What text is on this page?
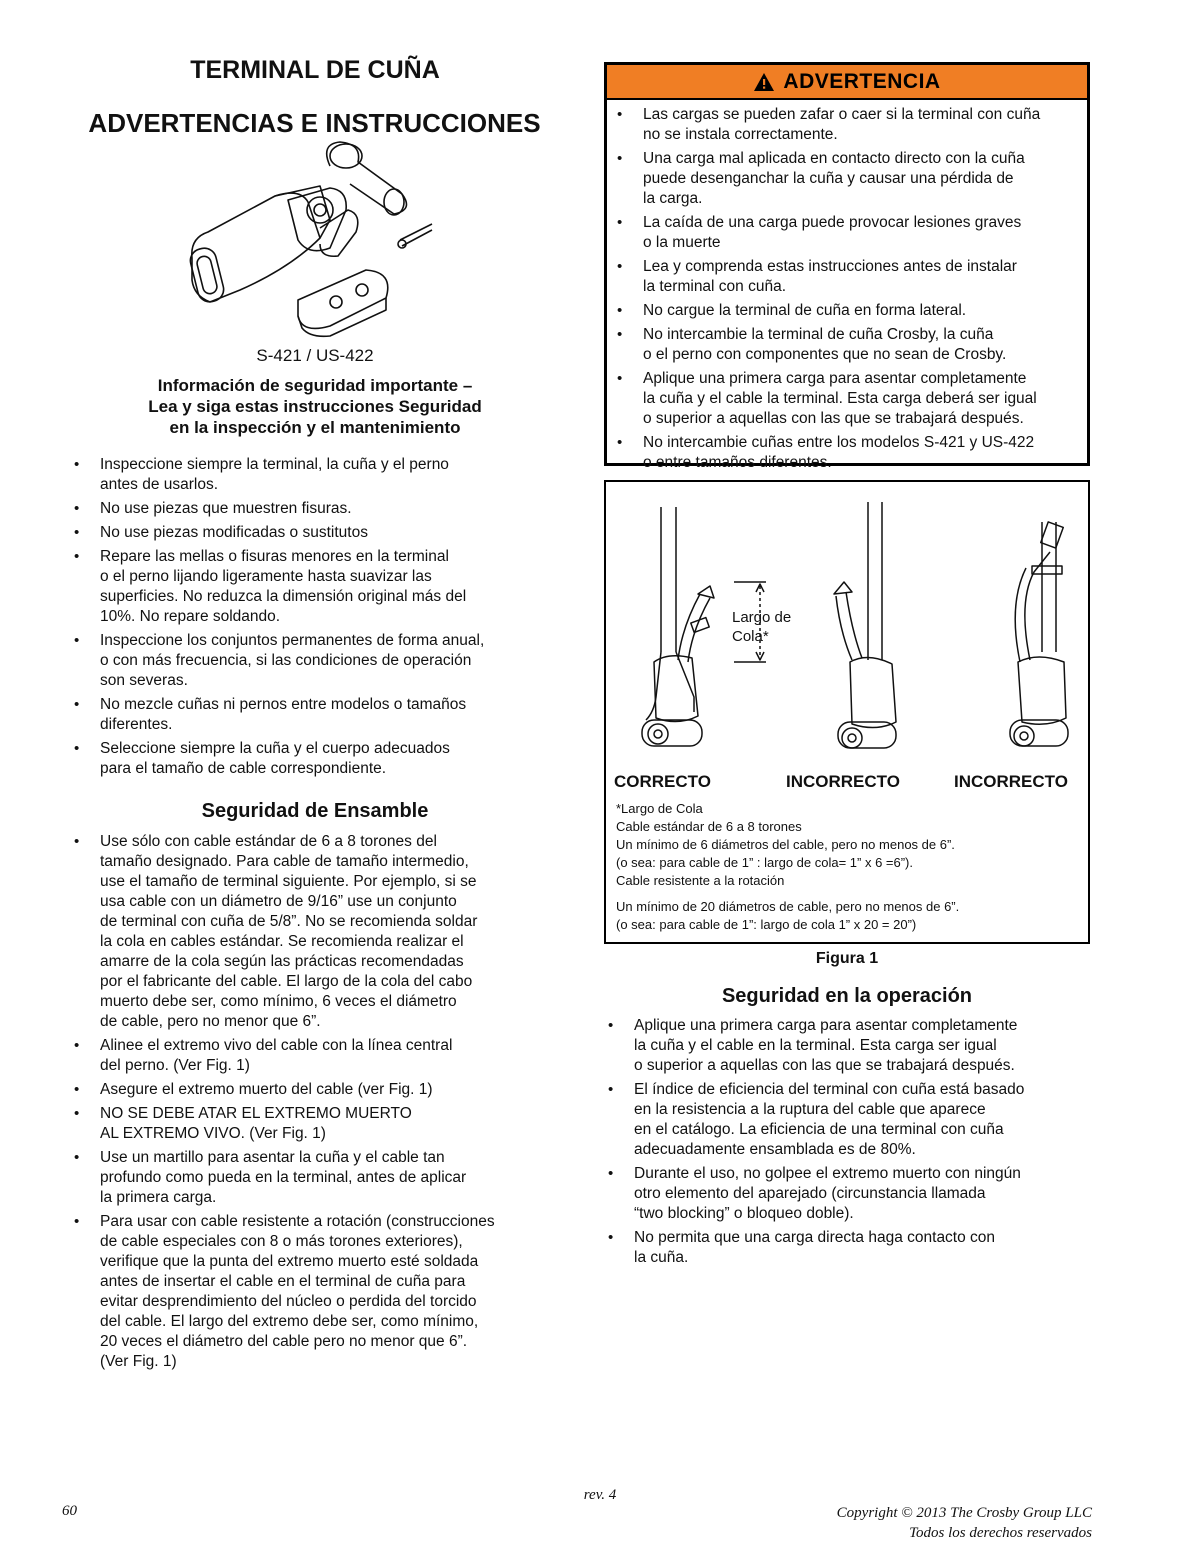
TERMINAL DE CUÑA
ADVERTENCIAS E INSTRUCCIONES
S-421 / US-422
Información de seguridad importante –
Lea y siga estas instrucciones Seguridad
en la inspección y el mantenimiento
• Inspeccione siempre la terminal, la cuña y el perno
antes de usarlos.
• No use piezas que muestren fisuras.
• No use piezas modificadas o sustitutos
• Repare las mellas o fisuras menores en la terminal
o el perno lijando ligeramente hasta suavizar las
superficies. No reduzca la dimensión original más del
10%. No repare soldando.
• Inspeccione los conjuntos permanentes de forma anual,
o con más frecuencia, si las condiciones de operación
son severas.
• No mezcle cuñas ni pernos entre modelos o tamaños
diferentes.
• Seleccione siempre la cuña y el cuerpo adecuados
para el tamaño de cable correspondiente.
Seguridad de Ensamble
• Use sólo con cable estándar de 6 a 8 torones del
tamaño designado. Para cable de tamaño intermedio,
use el tamaño de terminal siguiente. Por ejemplo, si se
usa cable con un diámetro de 9/16” use un conjunto
de terminal con cuña de 5/8”. No se recomienda soldar
la cola en cables estándar. Se recomienda realizar el
amarre de la cola según las prácticas recomendadas
por el fabricante del cable. El largo de la cola del cabo
muerto debe ser, como mínimo, 6 veces el diámetro
de cable, pero no menor que 6”.
• Alinee el extremo vivo del cable con la línea central
del perno. (Ver Fig. 1)
• Asegure el extremo muerto del cable (ver Fig. 1)
• NO SE DEBE ATAR EL EXTREMO MUERTO
AL EXTREMO VIVO. (Ver Fig. 1)
• Use un martillo para asentar la cuña y el cable tan
profundo como pueda en la terminal, antes de aplicar
la primera carga.
• Para usar con cable resistente a rotación (construcciones
de cable especiales con 8 o más torones exteriores),
verifique que la punta del extremo muerto esté soldada
antes de insertar el cable en el terminal de cuña para
evitar desprendimiento del núcleo o perdida del torcido
del cable. El largo del extremo debe ser, como mínimo,
20 veces el diámetro del cable pero no menor que 6”.
(Ver Fig. 1)
ADVERTENCIA
• Las cargas se pueden zafar o caer si la terminal con cuña
no se instala correctamente.
• Una carga mal aplicada en contacto directo con la cuña
puede desenganchar la cuña y causar una pérdida de
la carga.
• La caída de una carga puede provocar lesiones graves
o la muerte
• Lea y comprenda estas instrucciones antes de instalar
la terminal con cuña.
• No cargue la terminal de cuña en forma lateral.
• No intercambie la terminal de cuña Crosby, la cuña
o el perno con componentes que no sean de Crosby.
• Aplique una primera carga para asentar completamente
la cuña y el cable la terminal. Esta carga deberá ser igual
o superior a aquellas con las que se trabajará después.
• No intercambie cuñas entre los modelos S-421 y US-422
o entre tamaños diferentes.
Largo de
Cola*
CORRECTO	INCORRECTO	INCORRECTO

*Largo de Cola

Cable estándar de 6 a 8 torones
Un mínimo de 6 diámetros del cable, pero no menos de 6”.
(o sea: para cable de 1” : largo de cola= 1” x 6 =6”).

Cable resistente a la rotación

Un mínimo de 20 diámetros de cable, pero no menos de 6”.
(o sea: para cable de 1”: largo de cola 1” x 20 = 20”)

Figura 1
Seguridad en la operación
• Aplique una primera carga para asentar completamente
la cuña y el cable en la terminal. Esta carga ser igual
o superior a aquellas con las que se trabajará después.
• El índice de eficiencia del terminal con cuña está basado
en la resistencia a la ruptura del cable que aparece
en el catálogo. La eficiencia de una terminal con cuña
adecuadamente ensamblada es de 80%.
• Durante el uso, no golpee el extremo muerto con ningún
otro elemento del aparejado (circunstancia llamada
“two blocking” o bloqueo doble).
• No permita que una carga directa haga contacto con
la cuña.
rev. 4
60	Copyright © 2013 The Crosby Group LLC
Todos los derechos reservados
